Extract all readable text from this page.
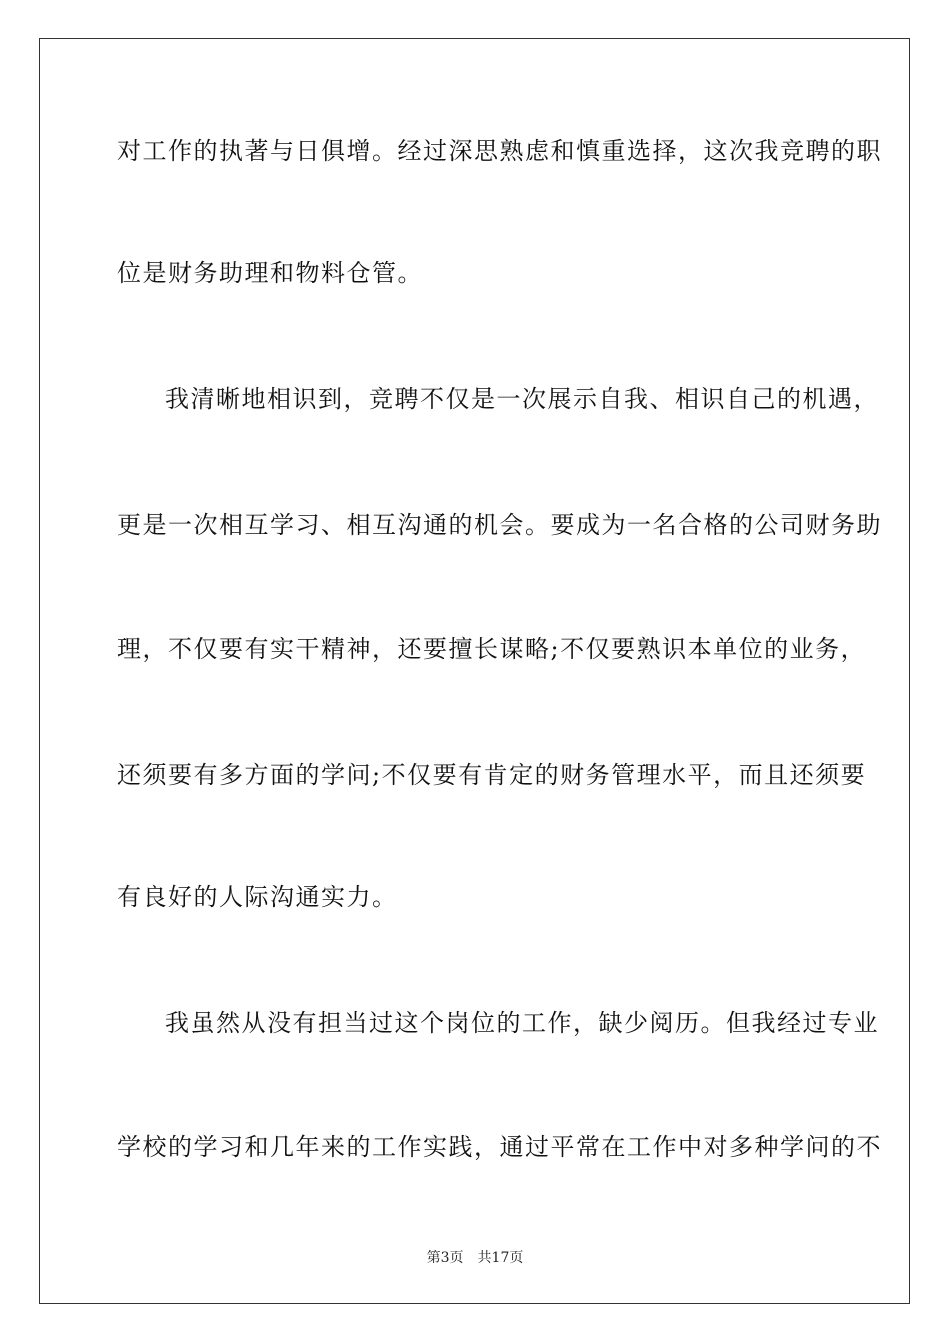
对工作的执著与日俱增。经过深思熟虑和慎重选择，这次我竞聘的职
位是财务助理和物料仓管。
我清晰地相识到，竞聘不仅是一次展示自我、相识自己的机遇，
更是一次相互学习、相互沟通的机会。要成为一名合格的公司财务助
理，不仅要有实干精神，还要擅长谋略;不仅要熟识本单位的业务，
还须要有多方面的学问;不仅要有肯定的财务管理水平，而且还须要
有良好的人际沟通实力。
我虽然从没有担当过这个岗位的工作，缺少阅历。但我经过专业
学校的学习和几年来的工作实践，通过平常在工作中对多种学问的不
第3页 共17页
